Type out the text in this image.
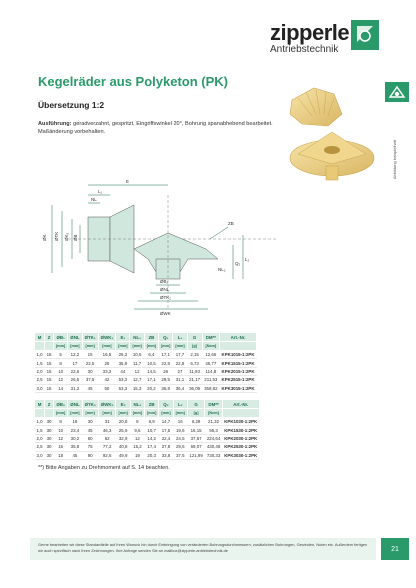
zipperle
Antriebstechnik
Abbildung beispielhaft
Kegelräder aus Polyketon (PK)
Übersetzung 1:2
Ausführung: geradverzahnt, gespritzt, Eingriffswinkel 20°, Bohrung spanabhebend bearbeitet.
Maßänderung vorbehalten.
E
L₁
NL
ØK ØTK ØK₂ ØB
ZB
ØB₂
ØNL
ØTK₂
ØWK
Q₂
L₂
NL₂
M	Z	ØB₁	ØNL	ØTK₁	ØWK₁	E₁	NL₁	ZB	Q₁	L₁	G	DM**	Art.-Nr.
		[mm]	[mm]	[mm]	[mm]	[mm]	[mm]	[mm]	[mm]	[mm]	[g]	[Ncm]	
1,0	15	5	12,2	15	16,5	26,3	10,5	6,4	17,1	17,7	2,15	12,66	KPK1015-1:2PK
1,5	15	8	17	22,5	25	35,8	11,7	10,5	22,8	22,8	6,73	46,77	KPK1515-1:2PK
2,0	15	10	22,6	30	33,3	44	12	14,5	26	27	11,93	114,8	KPK2015-1:2PK
2,5	15	12	26,5	37,5	42	53,3	12,7	17,1	29,5	31,1	21,17	211,53	KPK2515-1:2PK
3,0	15	14	31,2	45	50	63,3	15,3	20,2	36,8	36,4	36,09	359,82	KPK3015-1:2PK
M	Z	ØB₂	ØNL	ØTK₂	ØWK₂	E₂	NL₂	ZB	Q₂	L₂	G	DM**	Art.-Nr.
		[mm]	[mm]	[mm]	[mm]	[mm]	[mm]	[mm]	[mm]	[mm]	[g]	[Ncm]	
1,0	30	8	18	30	31	20,8	9	6,9	14,7	16	6,28	21,32	KPK1030-1:2PK
1,5	30	10	23,4	45	46,3	25,9	9,6	10,7	17,5	19,6	16,15	95,3	KPK1530-1:2PK
2,0	30	12	30,2	60	62	32,9	12	14,2	22,4	24,5	37,67	224,64	KPK2030-1:2PK
2,5	30	16	35,8	75	77,2	40,8	15,2	17,4	27,8	29,6	69,07	430,48	KPK2530-1:2PK
3,0	30	18	45	90	92,5	49,9	19	20,3	33,8	37,5	121,99	730,33	KPK3030-1:2PK
**) Bitte Angaben zu Drehmoment auf S. 14 beachten.
Gerne bearbeiten wir diese Standardteile auf Ihren Wunsch hin durch Einbringung von veränderten Bohrungsdurchmessern, zusätzlichen Bohrungen, Gewinden, Nuten etc. Außerdem fertigen wir auch spezifisch nach Ihren Zeichnungen. Ihre Anfrage senden Sie an mailbox@zipperle-antriebstechnik.de	21
